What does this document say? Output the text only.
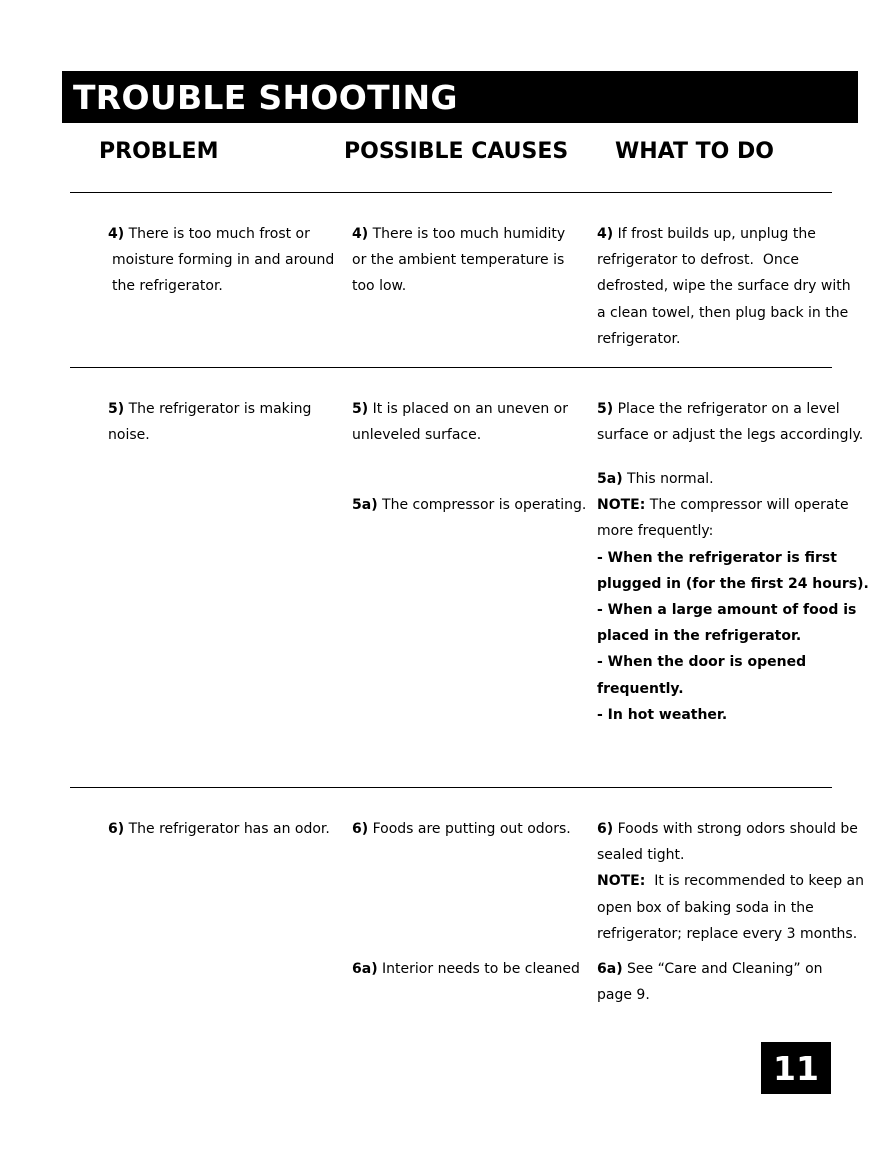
TROUBLE SHOOTING
PROBLEM	POSSIBLE CAUSES WHAT TO DO
4) There is too much frost or
moisture forming in and around
the refrigerator.
4) There is too much humidity
or the ambient temperature is
too low.
4) If frost builds up, unplug the
refrigerator to defrost.  Once
defrosted, wipe the surface dry with
a clean towel, then plug back in the
refrigerator.
5) The refrigerator is making
noise.
5) It is placed on an uneven or
unleveled surface.
5) Place the refrigerator on a level
surface or adjust the legs accordingly.
5a) The compressor is operating.
5a) This normal.
NOTE: The compressor will operate
more frequently:
- When the refrigerator is first
plugged in (for the first 24 hours).
- When a large amount of food is
placed in the refrigerator.
- When the door is opened
frequently.
- In hot weather.
6) The refrigerator has an odor. 6) Foods are putting out odors. 6) Foods with strong odors should be
sealed tight.
NOTE: It is recommended to keep an
open box of baking soda in the
refrigerator; replace every 3 months.
6a) Interior needs to be cleaned 6a) See “Care and Cleaning” on
page 9.
11
